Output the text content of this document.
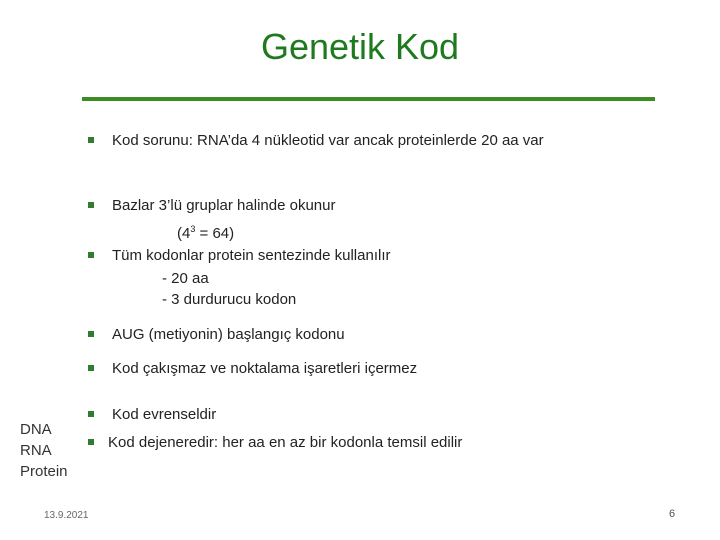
Genetik Kod
Kod sorunu: RNA’da 4 nükleotid var ancak proteinlerde 20 aa var
Bazlar 3’lü gruplar halinde okunur
$(4^3 = 64)$
Tüm kodonlar protein sentezinde kullanılır
- 20 aa
- 3 durdurucu kodon
AUG (metiyonin) başlangıç kodonu
Kod çakışmaz ve noktalama işaretleri içermez
Kod evrenseldir
Kod dejeneredir: her aa en az bir kodonla temsil edilir
DNA
RNA
Protein
13.9.2021	6
